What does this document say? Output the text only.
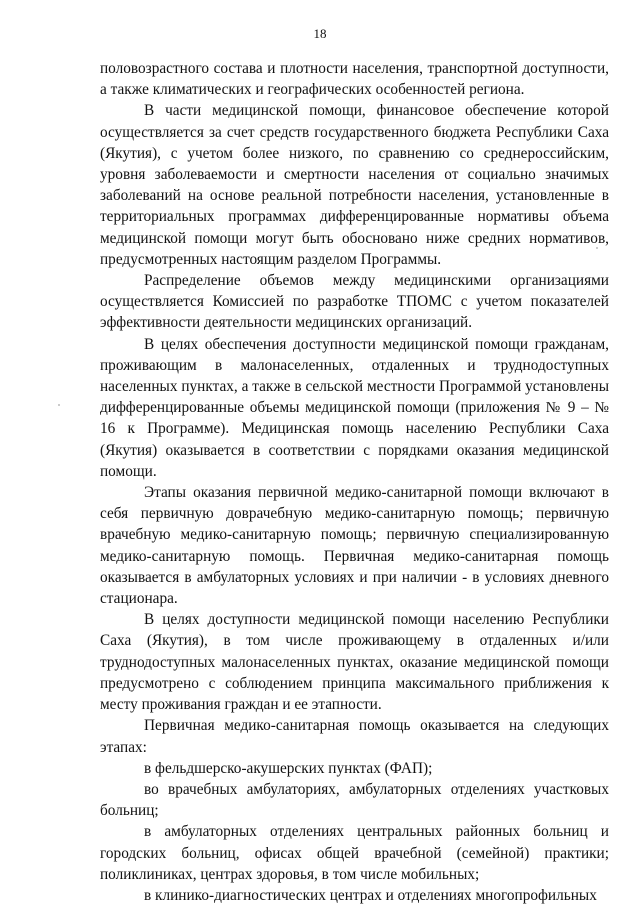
18

половозрастного состава и плотности населения, транспортной доступности, а также климатических и географических особенностей региона.

В части медицинской помощи, финансовое обеспечение которой осуществляется за счет средств государственного бюджета Республики Саха (Якутия), с учетом более низкого, по сравнению со среднероссийским, уровня заболеваемости и смертности населения от социально значимых заболеваний на основе реальной потребности населения, установленные в территориальных программах дифференцированные нормативы объема медицинской помощи могут быть обосновано ниже средних нормативов, предусмотренных настоящим разделом Программы.

Распределение объемов между медицинскими организациями осуществляется Комиссией по разработке ТПОМС с учетом показателей эффективности деятельности медицинских организаций.

В целях обеспечения доступности медицинской помощи гражданам, проживающим в малонаселенных, отдаленных и труднодоступных населенных пунктах, а также в сельской местности Программой установлены дифференцированные объемы медицинской помощи (приложения № 9 – № 16 к Программе). Медицинская помощь населению Республики Саха (Якутия) оказывается в соответствии с порядками оказания медицинской помощи.

Этапы оказания первичной медико-санитарной помощи включают в себя первичную доврачебную медико-санитарную помощь; первичную врачебную медико-санитарную помощь; первичную специализированную медико-санитарную помощь. Первичная медико-санитарная помощь оказывается в амбулаторных условиях и при наличии - в условиях дневного стационара.

В целях доступности медицинской помощи населению Республики Саха (Якутия), в том числе проживающему в отдаленных и/или труднодоступных малонаселенных пунктах, оказание медицинской помощи предусмотрено с соблюдением принципа максимального приближения к месту проживания граждан и ее этапности.

Первичная медико-санитарная помощь оказывается на следующих этапах:

в фельдшерско-акушерских пунктах (ФАП);

во врачебных амбулаториях, амбулаторных отделениях участковых больниц;

в амбулаторных отделениях центральных районных больниц и городских больниц, офисах общей врачебной (семейной) практики; поликлиниках, центрах здоровья, в том числе мобильных;

в клинико-диагностических центрах и отделениях многопрофильных
